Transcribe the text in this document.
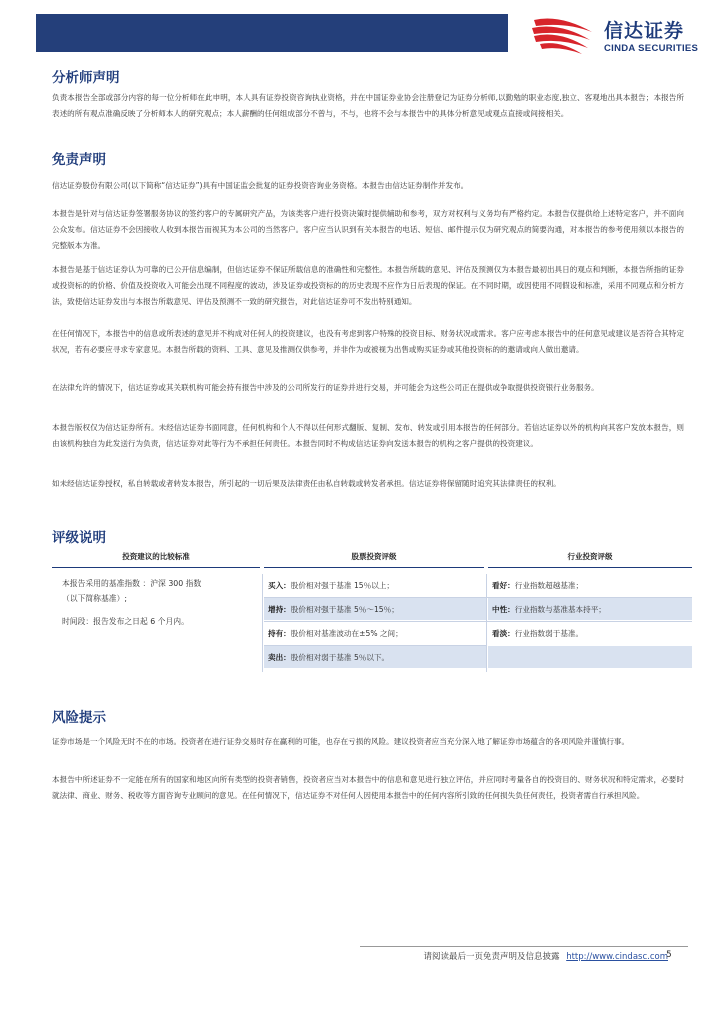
信达证券
CINDA SECURITIES
分析师声明
负责本报告全部或部分内容的每一位分析师在此申明，本人具有证券投资咨询执业资格，并在中国证券业协会注册登记为证券分析师,以勤勉的职业态度,独立、客观地出具本报告；本报告所表述的所有观点准确反映了分析师本人的研究观点；本人薪酬的任何组成部分不曾与，不与，也将不会与本报告中的具体分析意见或观点直接或间接相关。
免责声明
信达证券股份有限公司(以下简称“信达证券”)具有中国证监会批复的证券投资咨询业务资格。本报告由信达证券制作并发布。
本报告是针对与信达证券签署服务协议的签约客户的专属研究产品，为该类客户进行投资决策时提供辅助和参考，双方对权利与义务均有严格约定。本报告仅提供给上述特定客户，并不面向公众发布。信达证券不会因接收人收到本报告而视其为本公司的当然客户。客户应当认识到有关本报告的电话、短信、邮件提示仅为研究观点的简要沟通，对本报告的参考使用须以本报告的完整版本为准。
本报告是基于信达证券认为可靠的已公开信息编制，但信达证券不保证所载信息的准确性和完整性。本报告所载的意见、评估及预测仅为本报告最初出具日的观点和判断，本报告所指的证券或投资标的的价格、价值及投资收入可能会出现不同程度的波动，涉及证券或投资标的的历史表现不应作为日后表现的保证。在不同时期，或因使用不同假设和标准，采用不同观点和分析方法，致使信达证券发出与本报告所载意见、评估及预测不一致的研究报告，对此信达证券可不发出特别通知。
在任何情况下，本报告中的信息或所表述的意见并不构成对任何人的投资建议，也没有考虑到客户特殊的投资目标、财务状况或需求。客户应考虑本报告中的任何意见或建议是否符合其特定状况，若有必要应寻求专家意见。本报告所载的资料、工具、意见及推测仅供参考，并非作为或被视为出售或购买证券或其他投资标的的邀请或向人做出邀请。
在法律允许的情况下，信达证券或其关联机构可能会持有报告中涉及的公司所发行的证券并进行交易，并可能会为这些公司正在提供或争取提供投资银行业务服务。
本报告版权仅为信达证券所有。未经信达证券书面同意，任何机构和个人不得以任何形式翻版、复制、发布、转发或引用本报告的任何部分。若信达证券以外的机构向其客户发放本报告，则由该机构独自为此发送行为负责，信达证券对此等行为不承担任何责任。本报告同时不构成信达证券向发送本报告的机构之客户提供的投资建议。
如未经信达证券授权，私自转载或者转发本报告，所引起的一切后果及法律责任由私自转载或转发者承担。信达证券将保留随时追究其法律责任的权利。
评级说明
投资建议的比较标准	股票投资评级	行业投资评级
本报告采用的基准指数 ：沪深 300 指数
（以下简称基准）;
时间段：报告发布之日起 6 个月内。
买入： 股价相对强于基准 15％以上；
增持： 股价相对强于基准 5％～15％；
持有： 股价相对基准波动在±5% 之间；
卖出： 股价相对弱于基准 5％以下。
看好： 行业指数超越基准；
中性： 行业指数与基准基本持平；
看淡： 行业指数弱于基准。
风险提示
证券市场是一个风险无时不在的市场。投资者在进行证券交易时存在赢利的可能，也存在亏损的风险。建议投资者应当充分深入地了解证券市场蕴含的各项风险并谨慎行事。
本报告中所述证券不一定能在所有的国家和地区向所有类型的投资者销售，投资者应当对本报告中的信息和意见进行独立评估，并应同时考量各自的投资目的、财务状况和特定需求，必要时就法律、商业、财务、税收等方面咨询专业顾问的意见。在任何情况下，信达证券不对任何人因使用本报告中的任何内容所引致的任何损失负任何责任，投资者需自行承担风险。
请阅读最后一页免责声明及信息披露 http://www.cindasc.com
5
